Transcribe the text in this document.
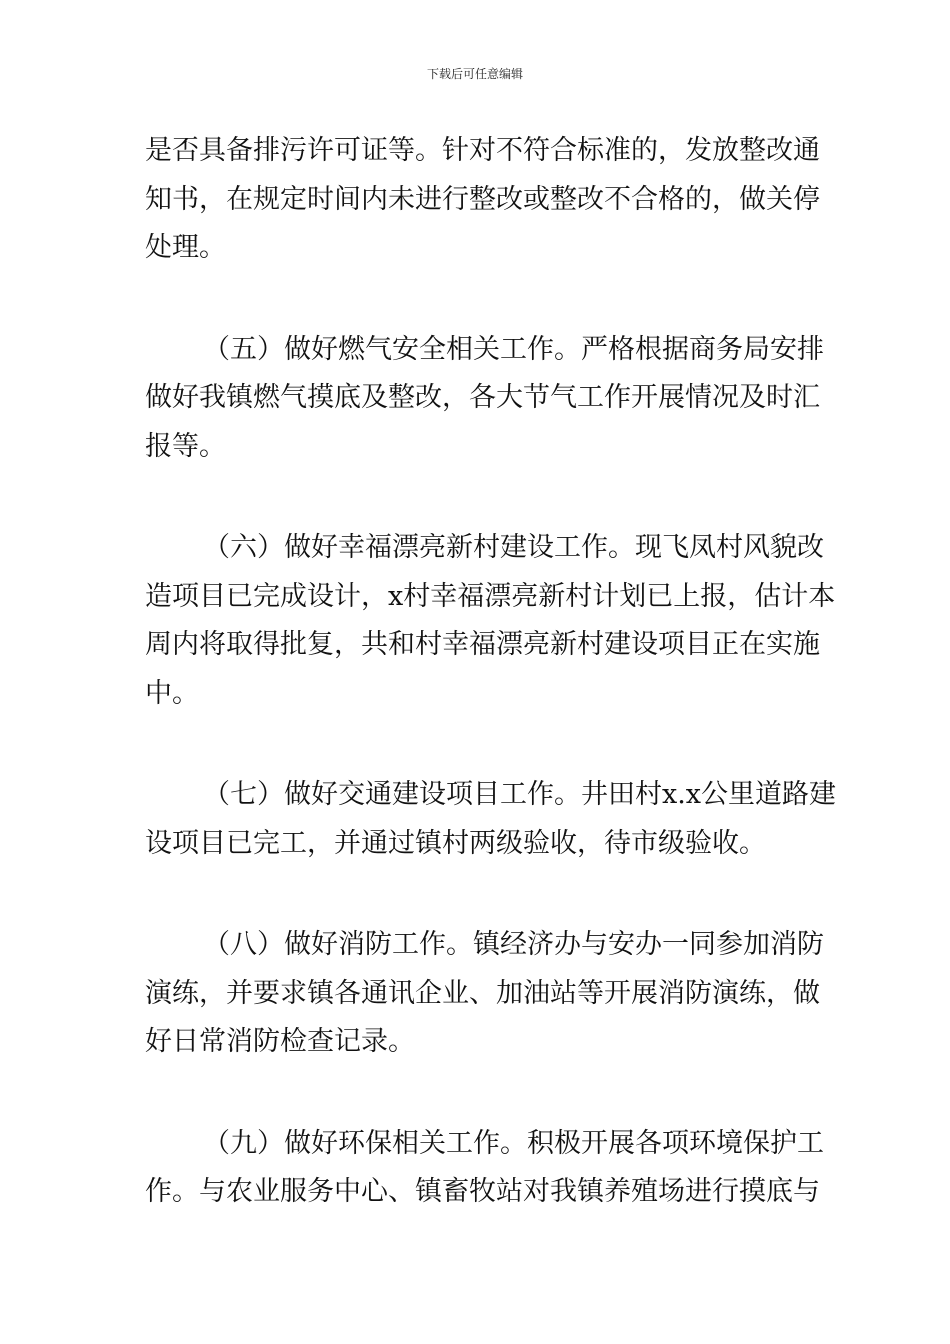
下载后可任意编辑
是否具备排污许可证等。针对不符合标准的，发放整改通
知书，在规定时间内未进行整改或整改不合格的，做关停
处理。
（五）做好燃气安全相关工作。严格根据商务局安排
做好我镇燃气摸底及整改，各大节气工作开展情况及时汇
报等。
（六）做好幸福漂亮新村建设工作。现飞凤村风貌改
造项目已完成设计，x村幸福漂亮新村计划已上报，估计本
周内将取得批复，共和村幸福漂亮新村建设项目正在实施
中。
（七）做好交通建设项目工作。井田村x.x公里道路建
设项目已完工，并通过镇村两级验收，待市级验收。
（八）做好消防工作。镇经济办与安办一同参加消防
演练，并要求镇各通讯企业、加油站等开展消防演练，做
好日常消防检查记录。
（九）做好环保相关工作。积极开展各项环境保护工
作。与农业服务中心、镇畜牧站对我镇养殖场进行摸底与
